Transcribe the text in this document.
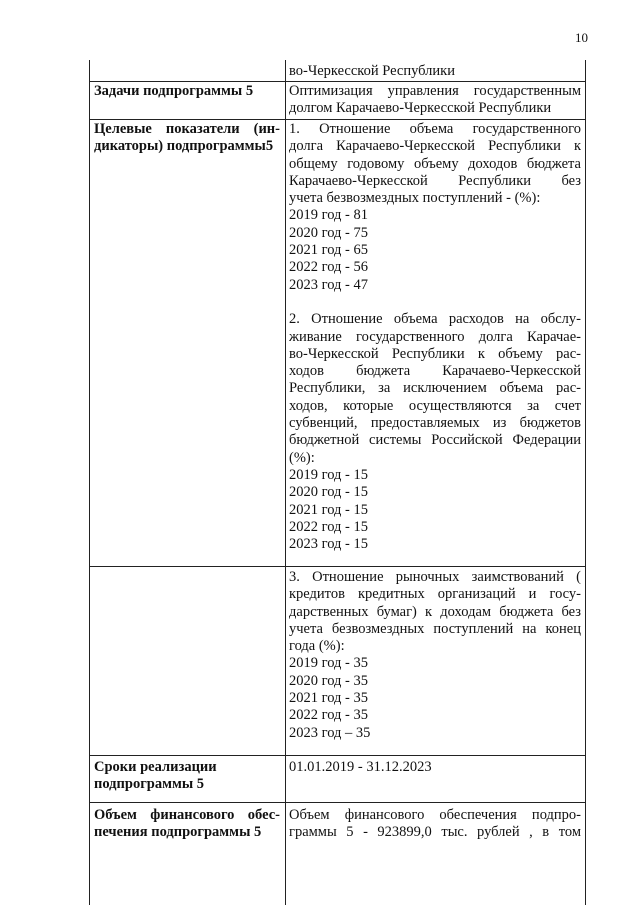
10
во-Черкесской Республики
Задачи подпрограммы 5	Оптимизация управления государственным
долгом Карачаево-Черкесской Республики
Целевые показатели (ин-
дикаторы) подпрограммы5
1. Отношение объема государственного
долга Карачаево-Черкесской Республики к
общему годовому объему доходов бюджета
Карачаево-Черкесской Республики без
учета безвозмездных поступлений - (%):
2019 год - 81
2020 год - 75
2021 год - 65
2022 год - 56
2023 год - 47
2. Отношение объема расходов на обслу-
живание государственного долга Карачае-
во-Черкесской Республики к объему рас-
ходов бюджета Карачаево-Черкесской
Республики, за исключением объема рас-
ходов, которые осуществляются за счет
субвенций, предоставляемых из бюджетов
бюджетной системы Российской Федерации
(%):
2019 год - 15
2020 год - 15
2021 год - 15
2022 год - 15
2023 год - 15
3. Отношение рыночных заимствований (
кредитов кредитных организаций и госу-
дарственных бумаг) к доходам бюджета без
учета безвозмездных поступлений на конец
года (%):
2019 год - 35
2020 год - 35
2021 год - 35
2022 год - 35
2023 год – 35
Сроки реализации
подпрограммы 5
01.01.2019 - 31.12.2023
Объем финансового обес-
печения подпрограммы 5
Объем финансового обеспечения подпро-
граммы 5 - 923899,0 тыс. рублей , в том
